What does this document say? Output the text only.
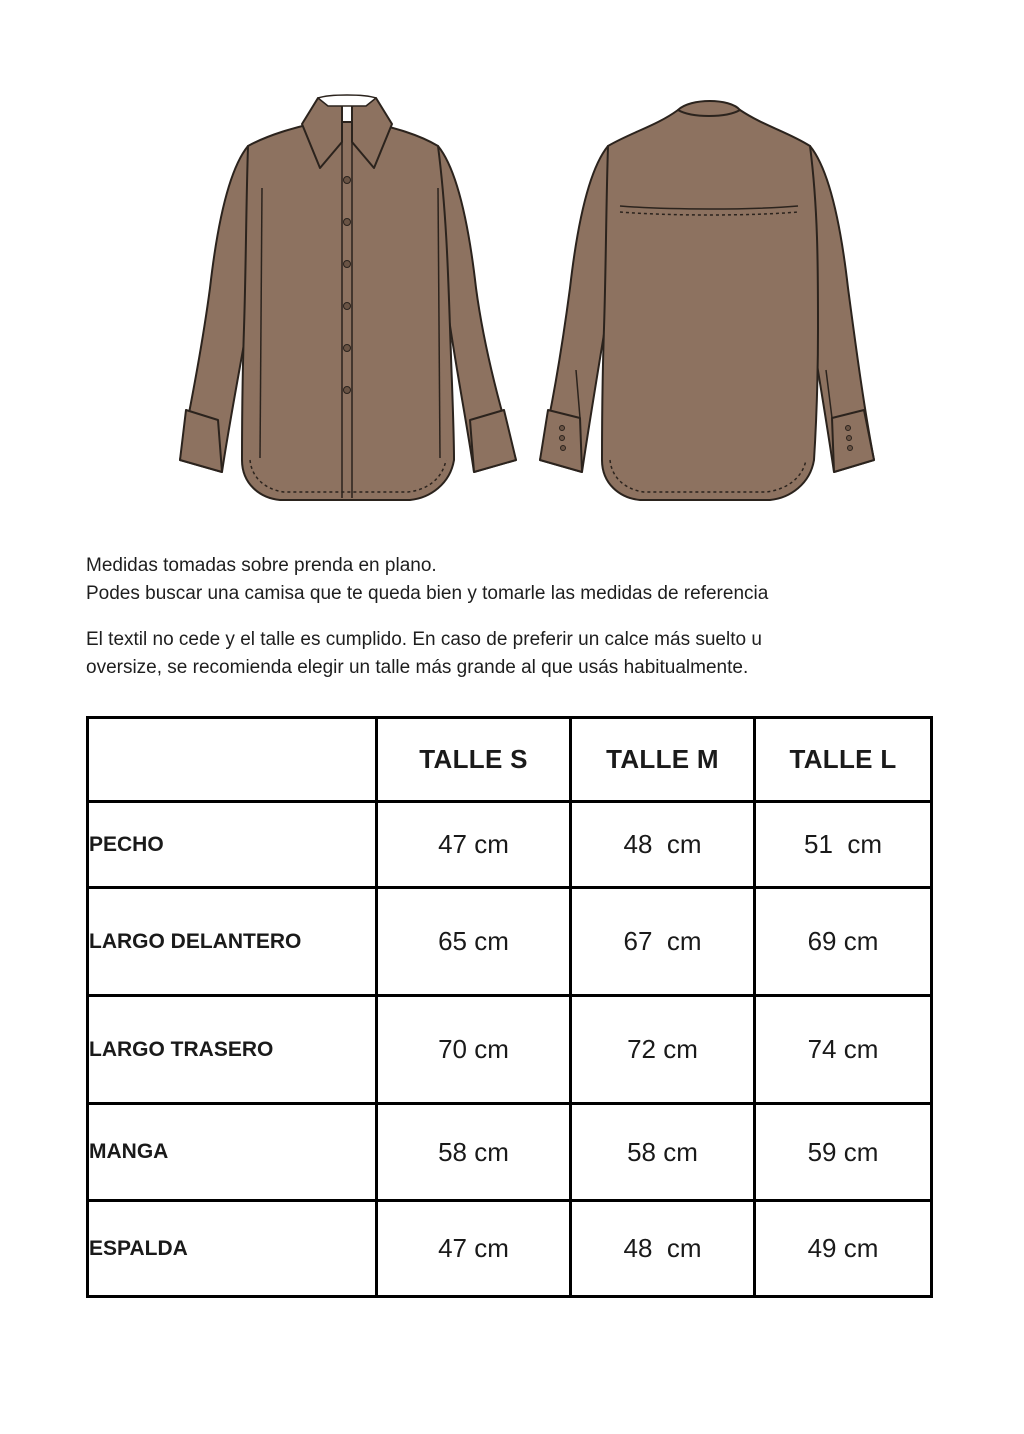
Medidas tomadas sobre prenda en plano.

Podes buscar una camisa que te queda bien y tomarle las medidas de referencia

El textil no cede y el talle es cumplido. En caso de preferir un calce más suelto u

oversize, se recomienda elegir un talle más grande al que usás habitualmente.

	TALLE S	TALLE M	TALLE L
PECHO	47 cm	48  cm	51  cm
LARGO DELANTERO	65 cm	67  cm	69 cm
LARGO TRASERO	70 cm	72 cm	74 cm
MANGA	58 cm	58 cm	59 cm
ESPALDA	47 cm	48  cm	49 cm
